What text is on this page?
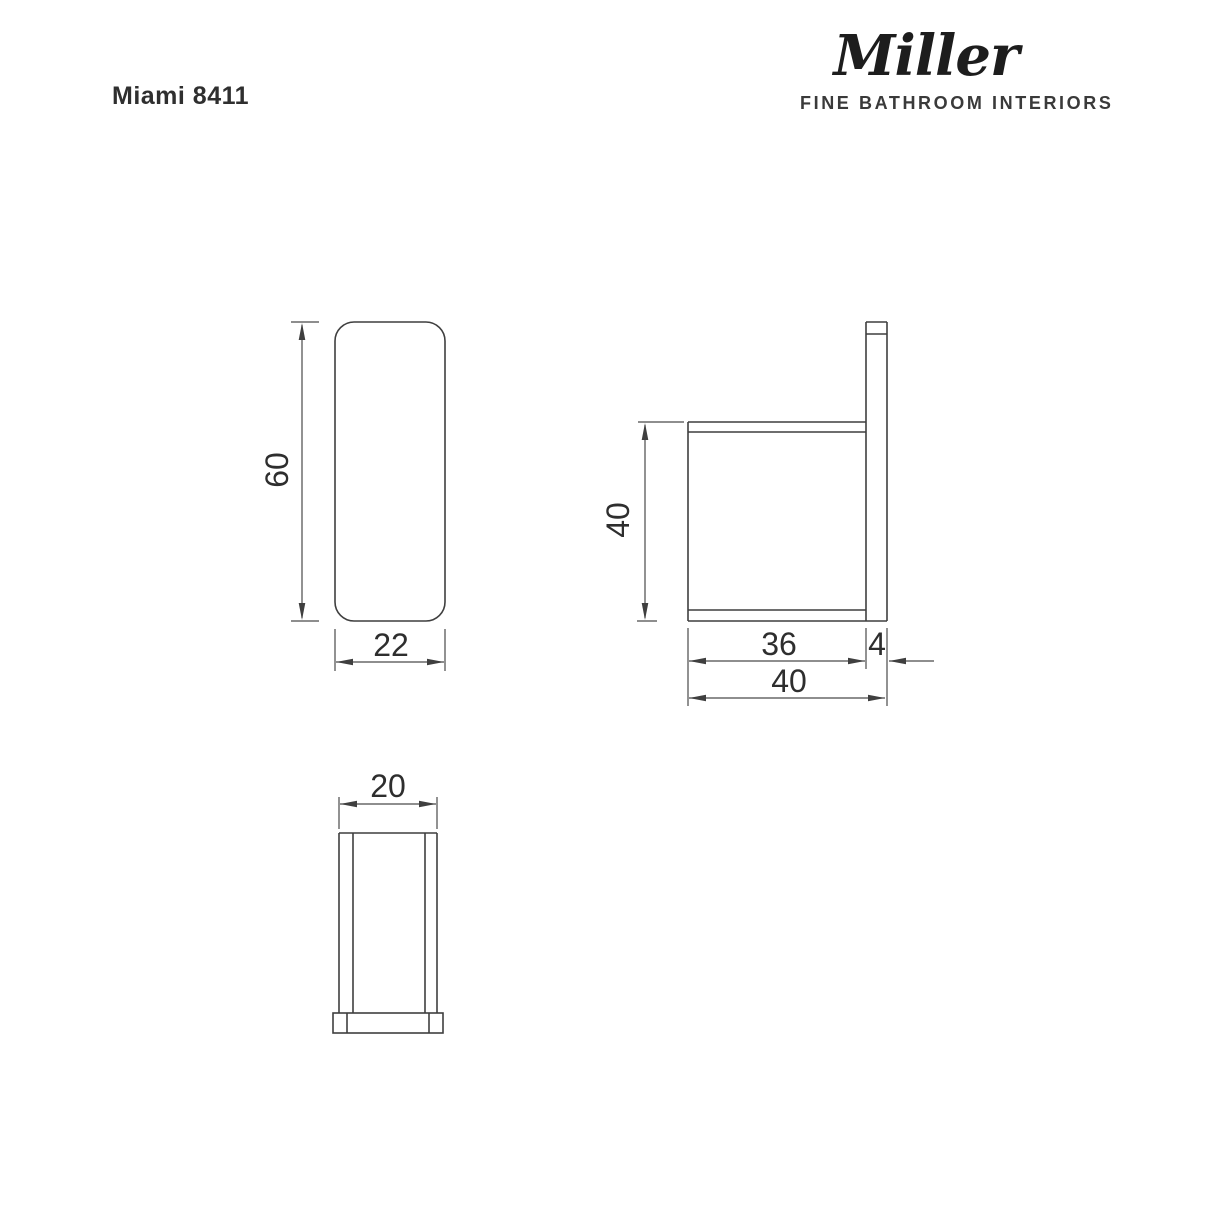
Miami 8411
Miller
FINE BATHROOM INTERIORS
60
22
40
36 4
40
20
